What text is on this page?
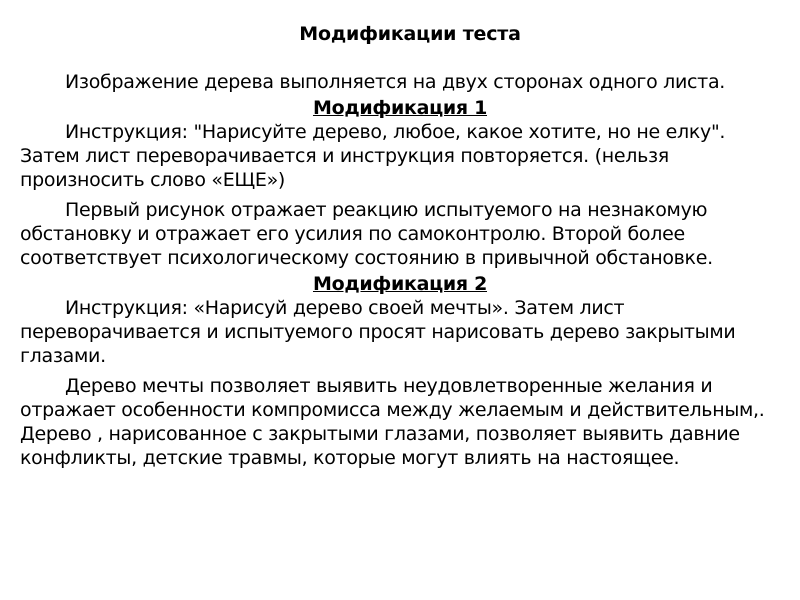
Модификации теста

Изображение дерева выполняется на двух сторонах одного листа.

Модификация 1

Инструкция: "Нарисуйте дерево, любое, какое хотите, но не елку". Затем лист переворачивается и инструкция повторяется. (нельзя произносить слово «ЕЩЕ»)

Первый рисунок отражает реакцию испытуемого на незнакомую обстановку и отражает его усилия по самоконтролю. Второй более соответствует психологическому состоянию в привычной обстановке.

Модификация 2

Инструкция: «Нарисуй дерево своей мечты». Затем лист переворачивается и испытуемого просят нарисовать дерево закрытыми глазами.

Дерево мечты позволяет выявить неудовлетворенные желания и отражает особенности компромисса между желаемым и действительным,. Дерево , нарисованное с закрытыми глазами, позволяет выявить давние конфликты, детские травмы, которые могут влиять на настоящее.
